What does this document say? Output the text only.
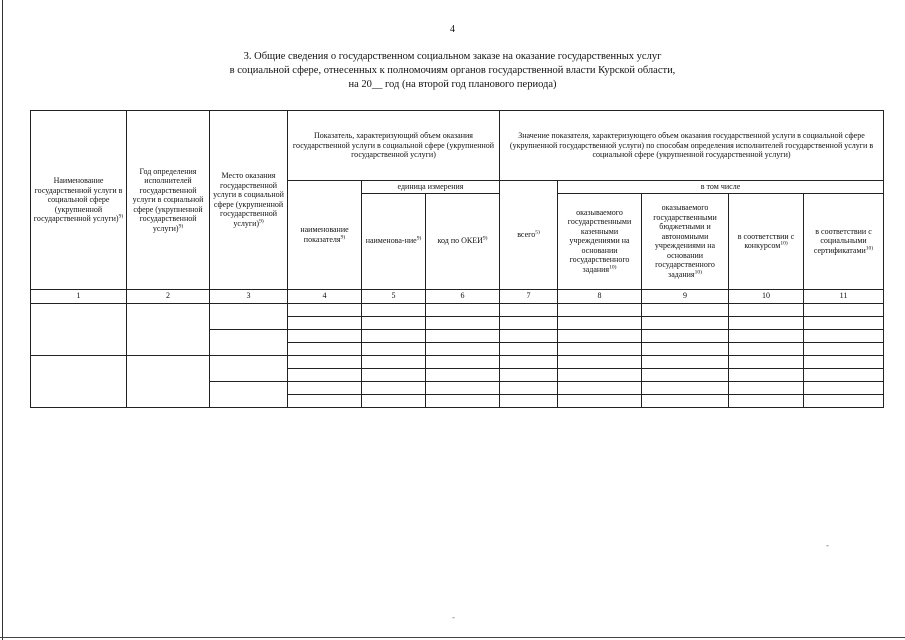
4
3. Общие сведения о государственном социальном заказе на оказание государственных услуг
в социальной сфере, отнесенных к полномочиям органов государственной власти Курской области,
на 20__ год (на второй год планового периода)
Наименование государственной услуги в социальной сфере (укрупненной государственной услуги)$^{9)}$	Год определения исполнителей государственной услуги в социальной сфере (укрупненной государственной услуги)$^{9)}$	Место оказания государственной услуги в социальной сфере (укрупненной государственной услуги)$^{9)}$	Показатель, характеризующий объем оказания государственной услуги в социальной сфере (укрупненной государственной услуги)			Значение показателя, характеризующего объем оказания государственной услуги в социальной сфере (укрупненной государственной услуги) по способам определения исполнителей государственной услуги в социальной сфере (укрупненной государственной услуги)				
			наименование показателя$^{9)}$	единица измерения		всего$^{5)}$	в том числе			
				наименова-ние$^{9)}$	код по ОКЕИ$^{9)}$		оказываемого государственными казенными учреждениями на основании государственного задания$^{10)}$	оказываемого государственными бюджетными и автономными учреждениями на основании государственного задания$^{10)}$	в соответствии с конкурсом$^{10)}$	в соответствии с социальными сертификатами$^{10)}$
1	2	3	4	5	6	7	8	9	10	11

-
-
